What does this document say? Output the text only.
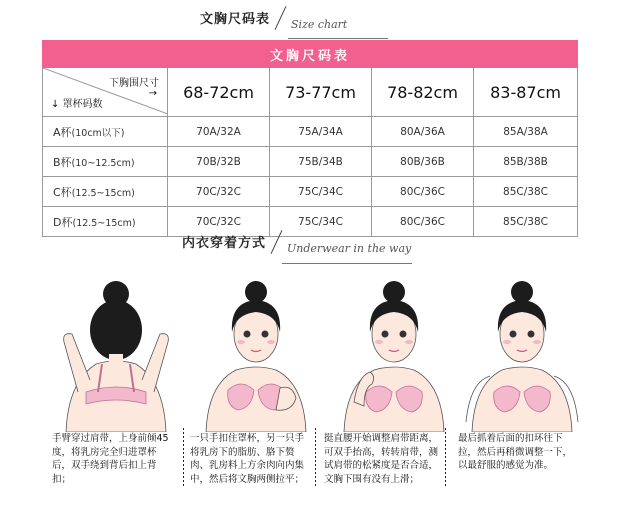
文胸尺码表 Size chart
文胸尺码表				

下胸围尺寸
→
↓ 罩杯码数	68-72cm	73-77cm	78-82cm	83-87cm
A杯(10cm以下)	70A/32A	75A/34A	80A/36A	85A/38A
B杯(10~12.5cm)	70B/32B	75B/34B	80B/36B	85B/38B
C杯(12.5~15cm)	70C/32C	75C/34C	80C/36C	85C/38C
D杯(12.5~15cm)	70C/32C	75C/34C	80C/36C	85C/38C
内衣穿着方式 Underwear in the way
手臂穿过肩带，上身前倾45度，将乳房完全归进罩杯后，双手绕到背后扣上背扣；
一只手扣住罩杯，另一只手将乳房下的脂肪、胳下赘肉、乳房料上方余肉向内集中，然后将文胸两侧拉平；
挺直腰开始调整肩带距离，可双手抬高，转转肩带，测试肩带的松紧度是否合适，文胸下围有没有上滑；
最后抓着后面的扣环往下拉，然后再稍微调整一下，以最舒服的感觉为准。
